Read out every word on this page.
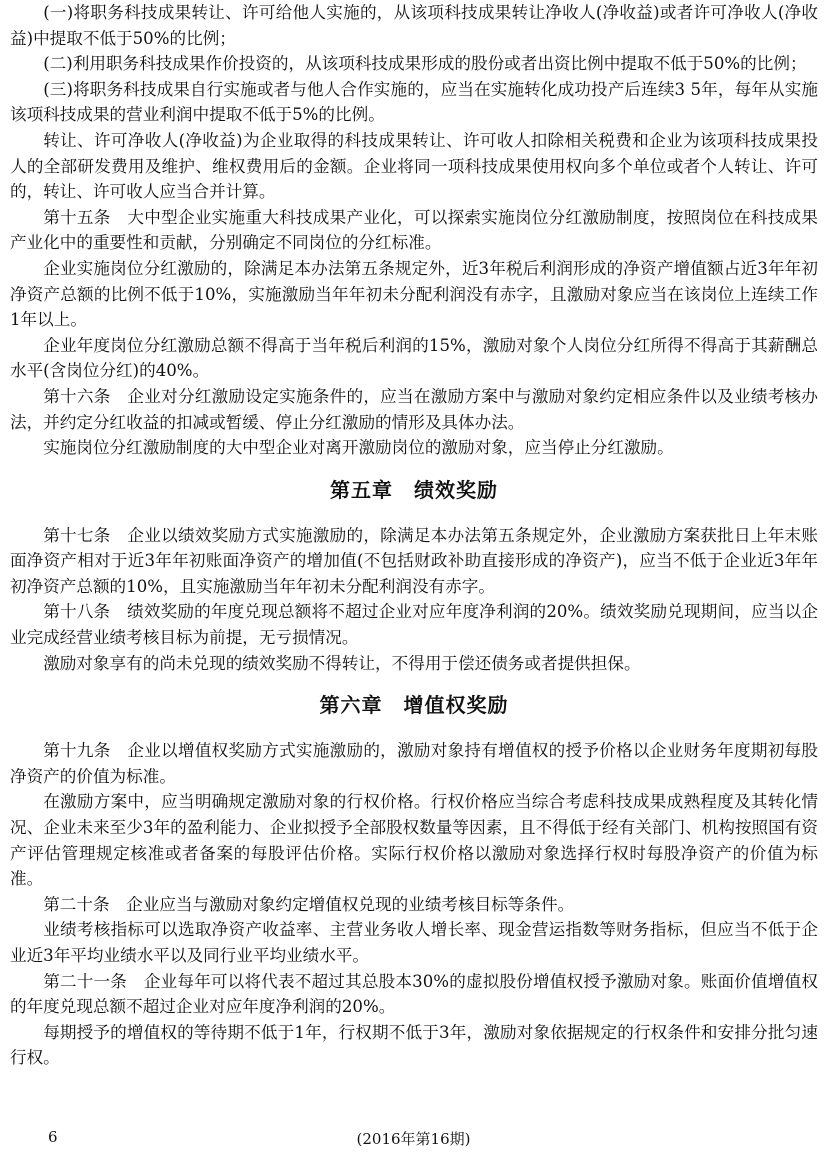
(一)将职务科技成果转让、许可给他人实施的，从该项科技成果转让净收人(净收益)或者许可净收人(净收益)中提取不低于50%的比例；

(二)利用职务科技成果作价投资的，从该项科技成果形成的股份或者出资比例中提取不低于50%的比例；

(三)将职务科技成果自行实施或者与他人合作实施的，应当在实施转化成功投产后连续3 5年，每年从实施该项科技成果的营业利润中提取不低于5%的比例。

转让、许可净收人(净收益)为企业取得的科技成果转让、许可收人扣除相关税费和企业为该项科技成果投人的全部研发费用及维护、维权费用后的金额。企业将同一项科技成果使用权向多个单位或者个人转让、许可的，转让、许可收人应当合并计算。

第十五条　大中型企业实施重大科技成果产业化，可以探索实施岗位分红激励制度，按照岗位在科技成果产业化中的重要性和贡献，分别确定不同岗位的分红标准。

企业实施岗位分红激励的，除满足本办法第五条规定外，近3年税后利润形成的净资产增值额占近3年年初净资产总额的比例不低于10%，实施激励当年年初未分配利润没有赤字，且激励对象应当在该岗位上连续工作1年以上。

企业年度岗位分红激励总额不得高于当年税后利润的15%，激励对象个人岗位分红所得不得高于其薪酬总水平(含岗位分红)的40%。

第十六条　企业对分红激励设定实施条件的，应当在激励方案中与激励对象约定相应条件以及业绩考核办法，并约定分红收益的扣减或暂缓、停止分红激励的情形及具体办法。

实施岗位分红激励制度的大中型企业对离开激励岗位的激励对象，应当停止分红激励。

第五章　绩效奖励

第十七条　企业以绩效奖励方式实施激励的，除满足本办法第五条规定外，企业激励方案获批日上年末账面净资产相对于近3年年初账面净资产的增加值(不包括财政补助直接形成的净资产)，应当不低于企业近3年年初净资产总额的10%，且实施激励当年年初未分配利润没有赤字。

第十八条　绩效奖励的年度兑现总额将不超过企业对应年度净利润的20%。绩效奖励兑现期间，应当以企业完成经营业绩考核目标为前提，无亏损情况。

激励对象享有的尚未兑现的绩效奖励不得转让，不得用于偿还债务或者提供担保。

第六章　增值权奖励

第十九条　企业以增值权奖励方式实施激励的，激励对象持有增值权的授予价格以企业财务年度期初每股净资产的价值为标准。

在激励方案中，应当明确规定激励对象的行权价格。行权价格应当综合考虑科技成果成熟程度及其转化情况、企业未来至少3年的盈利能力、企业拟授予全部股权数量等因素，且不得低于经有关部门、机构按照国有资产评估管理规定核准或者备案的每股评估价格。实际行权价格以激励对象选择行权时每股净资产的价值为标准。

第二十条　企业应当与激励对象约定增值权兑现的业绩考核目标等条件。

业绩考核指标可以选取净资产收益率、主营业务收人增长率、现金营运指数等财务指标，但应当不低于企业近3年平均业绩水平以及同行业平均业绩水平。

第二十一条　企业每年可以将代表不超过其总股本30%的虚拟股份增值权授予激励对象。账面价值增值权的年度兑现总额不超过企业对应年度净利润的20%。

每期授予的增值权的等待期不低于1年，行权期不低于3年，激励对象依据规定的行权条件和安排分批匀速行权。

6	(2016年第16期)
